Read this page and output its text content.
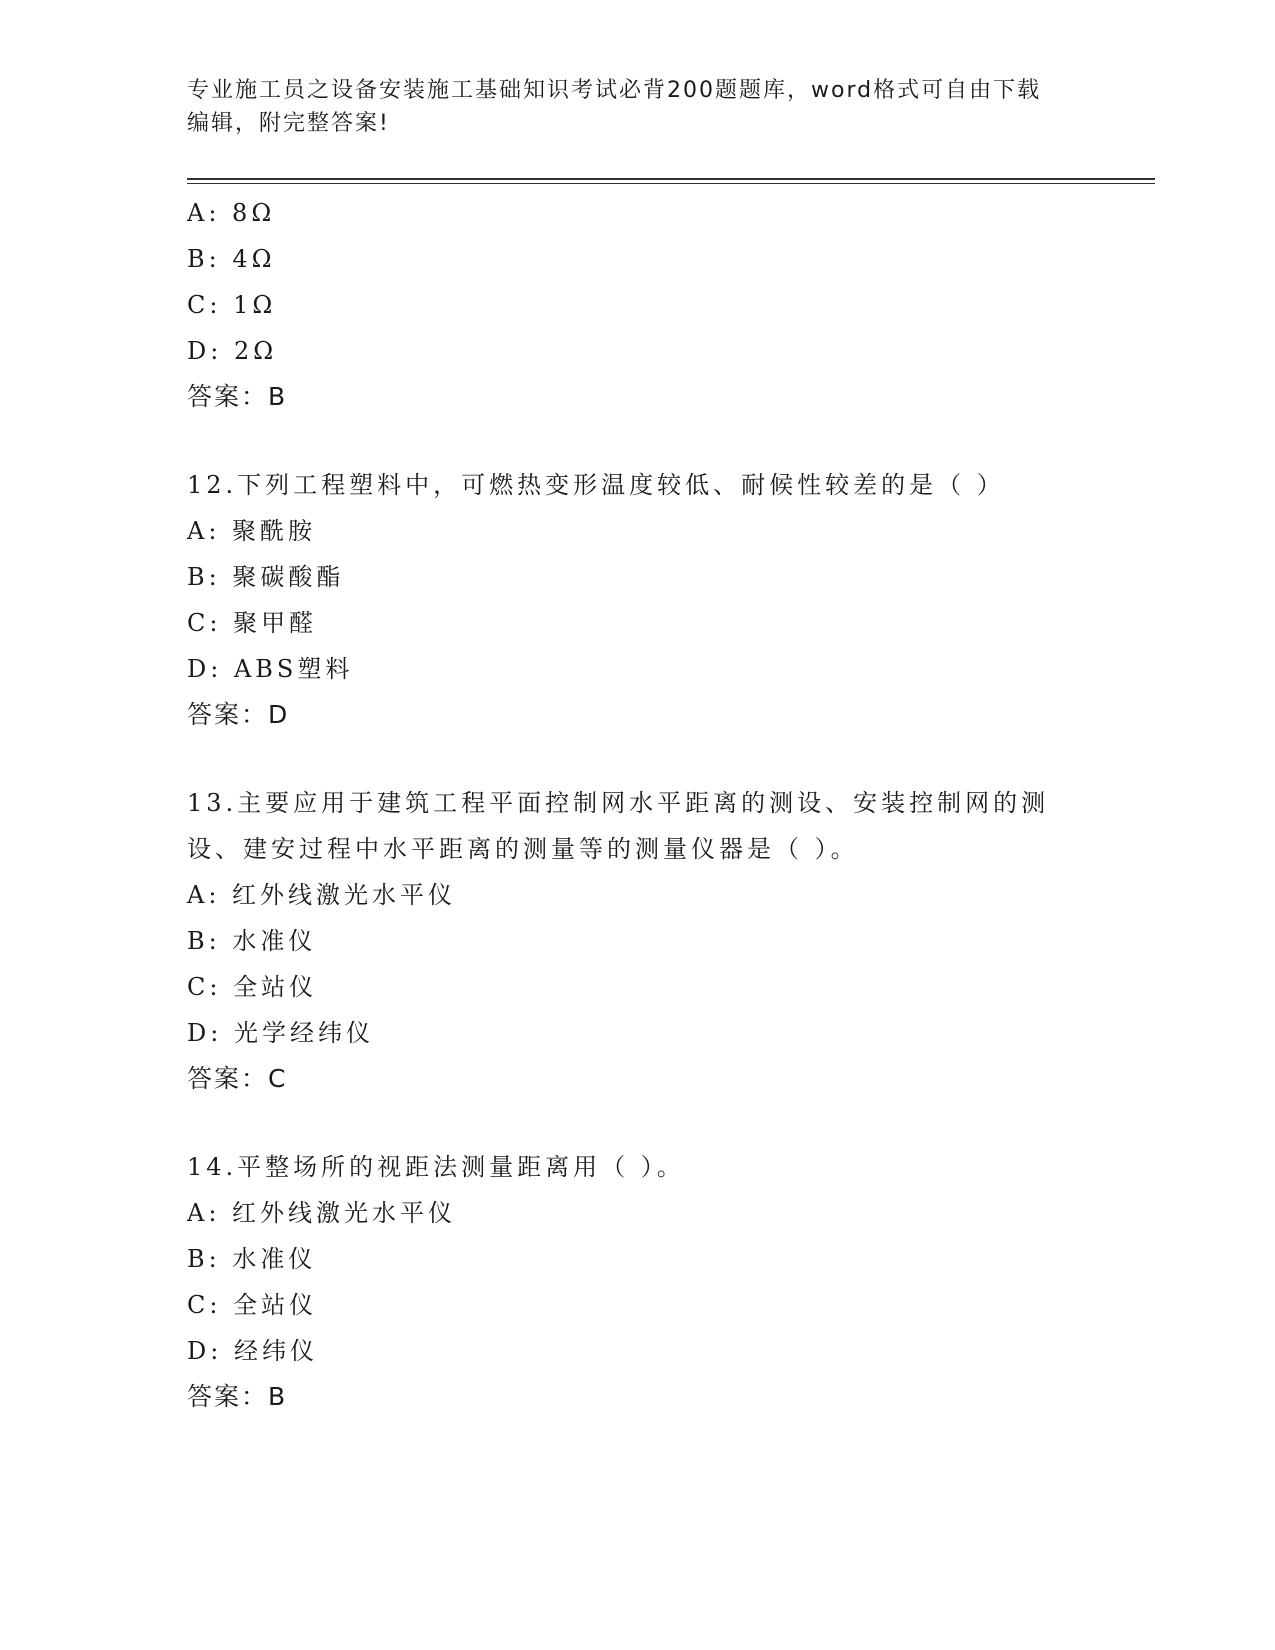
专业施工员之设备安装施工基础知识考试必背200题题库，word格式可自由下载
编辑，附完整答案!
A: 8Ω
B: 4Ω
C: 1Ω
D: 2Ω
答案：B
12.下列工程塑料中，可燃热变形温度较低、耐候性较差的是（ ）
A: 聚酰胺
B: 聚碳酸酯
C: 聚甲醛
D: ABS塑料
答案：D
13.主要应用于建筑工程平面控制网水平距离的测设、安装控制网的测
设、建安过程中水平距离的测量等的测量仪器是（ ）。
A: 红外线激光水平仪
B: 水准仪
C: 全站仪
D: 光学经纬仪
答案：C
14.平整场所的视距法测量距离用（ ）。
A: 红外线激光水平仪
B: 水准仪
C: 全站仪
D: 经纬仪
答案：B
